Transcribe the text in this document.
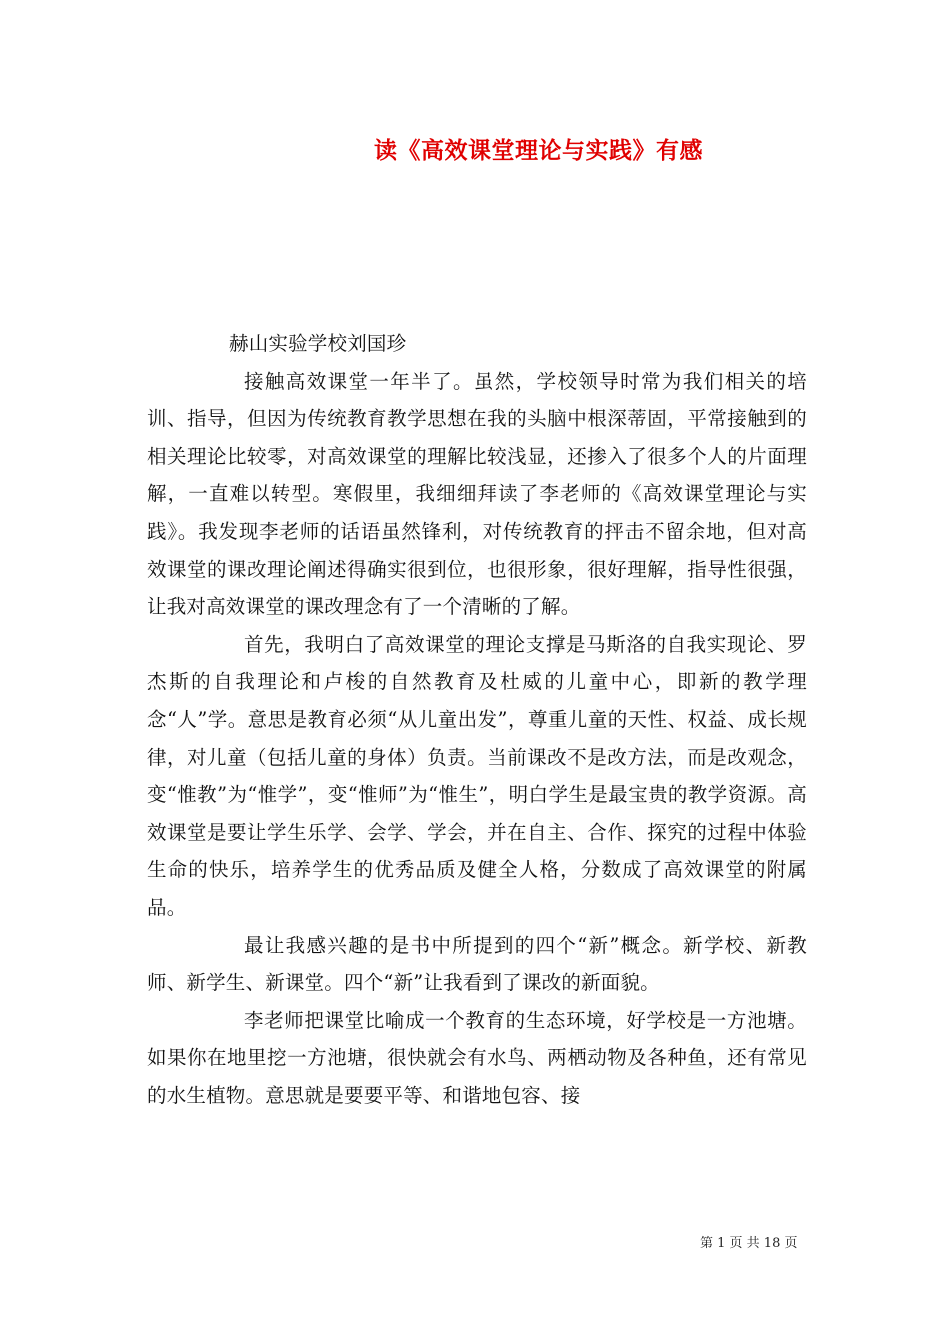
读《高效课堂理论与实践》有感

赫山实验学校刘国珍

接触高效课堂一年半了。虽然，学校领导时常为我们相关的培训、指导，但因为传统教育教学思想在我的头脑中根深蒂固，平常接触到的相关理论比较零，对高效课堂的理解比较浅显，还掺入了很多个人的片面理解，一直难以转型。寒假里，我细细拜读了李老师的《高效课堂理论与实践》。我发现李老师的话语虽然锋利，对传统教育的抨击不留余地，但对高效课堂的课改理论阐述得确实很到位，也很形象，很好理解，指导性很强，让我对高效课堂的课改理念有了一个清晰的了解。

首先，我明白了高效课堂的理论支撑是马斯洛的自我实现论、罗杰斯的自我理论和卢梭的自然教育及杜威的儿童中心，即新的教学理念“人”学。意思是教育必须“从儿童出发”，尊重儿童的天性、权益、成长规律，对儿童（包括儿童的身体）负责。当前课改不是改方法，而是改观念，变“惟教”为“惟学”，变“惟师”为“惟生”，明白学生是最宝贵的教学资源。高效课堂是要让学生乐学、会学、学会，并在自主、合作、探究的过程中体验生命的快乐，培养学生的优秀品质及健全人格，分数成了高效课堂的附属品。

最让我感兴趣的是书中所提到的四个“新”概念。新学校、新教师、新学生、新课堂。四个“新”让我看到了课改的新面貌。

李老师把课堂比喻成一个教育的生态环境，好学校是一方池塘。如果你在地里挖一方池塘，很快就会有水鸟、两栖动物及各种鱼，还有常见的水生植物。意思就是要要平等、和谐地包容、接

第 1 页 共 18 页
